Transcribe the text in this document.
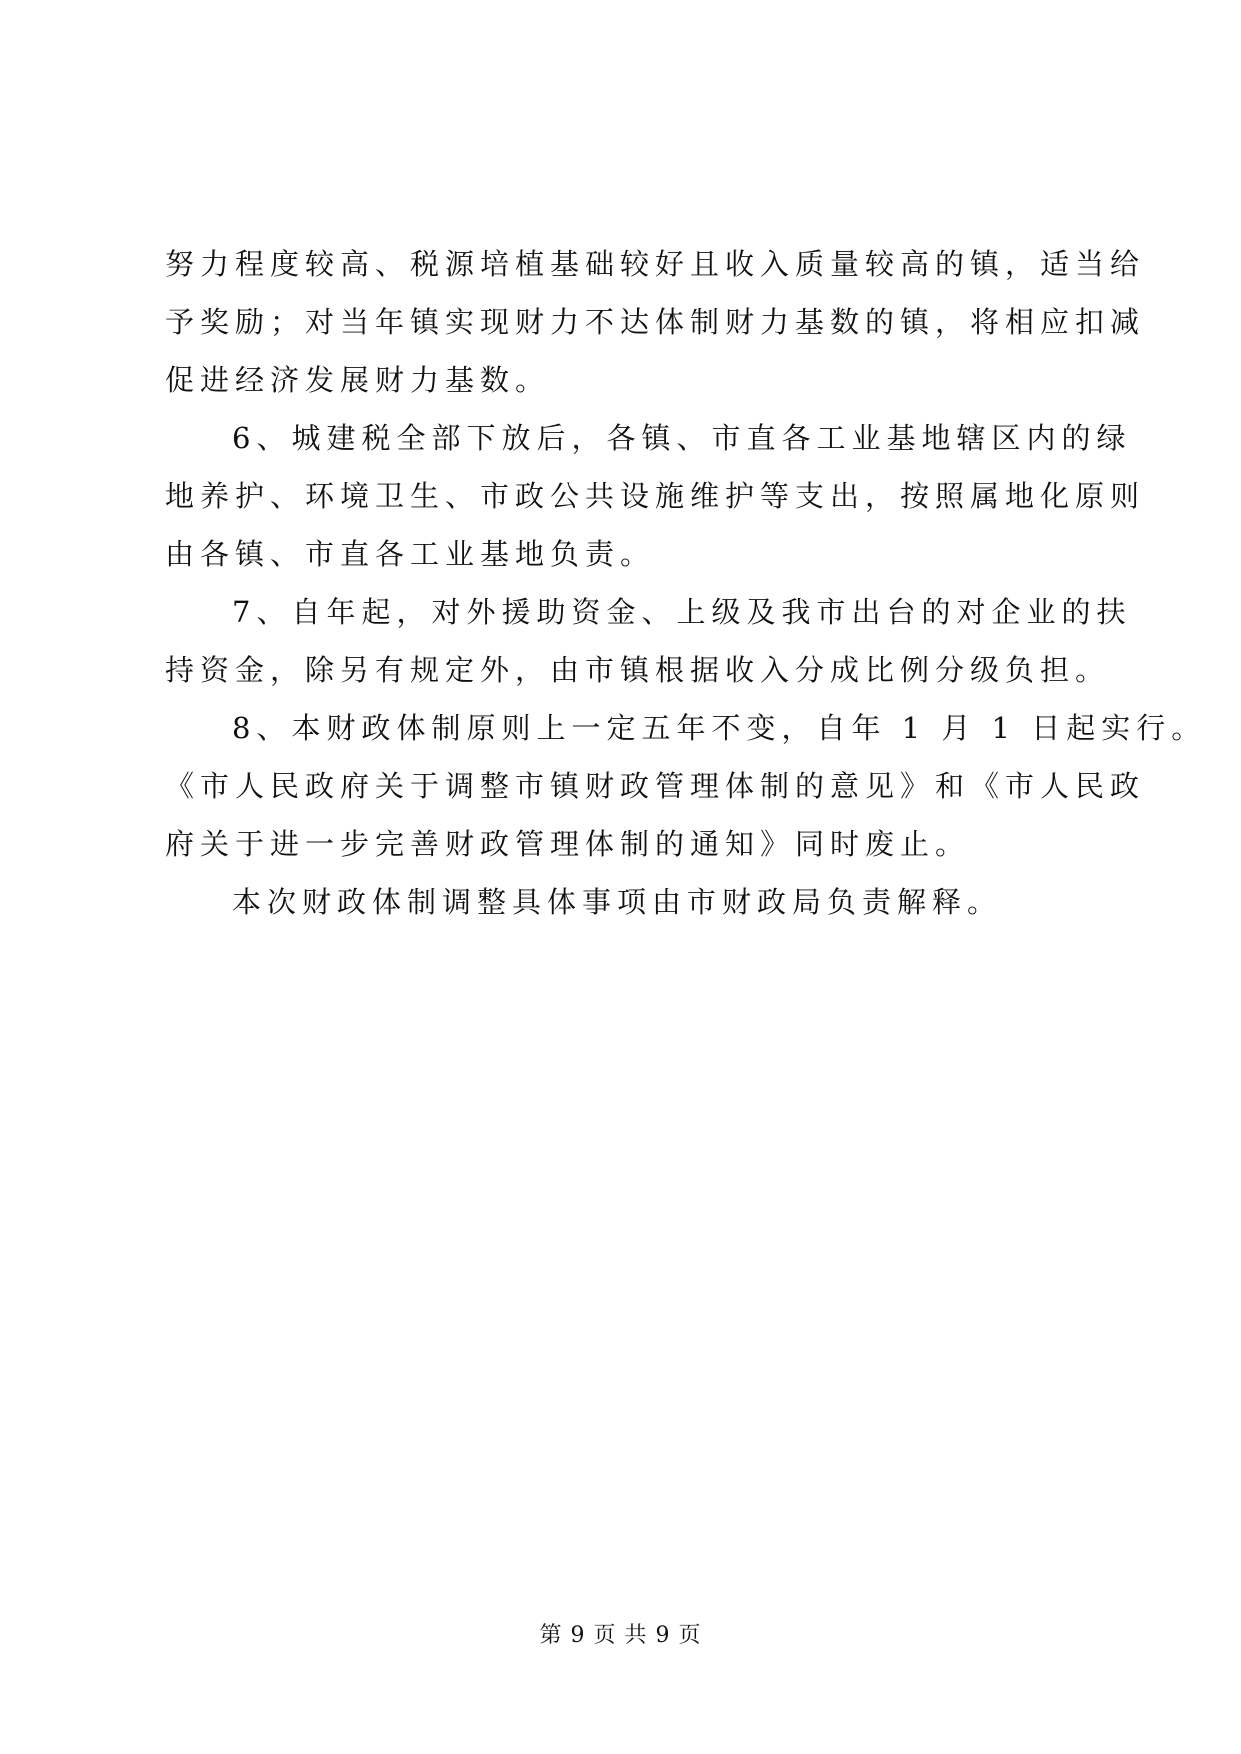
努力程度较高、税源培植基础较好且收入质量较高的镇，适当给
予奖励；对当年镇实现财力不达体制财力基数的镇，将相应扣减
促进经济发展财力基数。
6、城建税全部下放后，各镇、市直各工业基地辖区内的绿
地养护、环境卫生、市政公共设施维护等支出，按照属地化原则
由各镇、市直各工业基地负责。
7、自年起，对外援助资金、上级及我市出台的对企业的扶
持资金，除另有规定外，由市镇根据收入分成比例分级负担。
8、本财政体制原则上一定五年不变，自年 1 月 1 日起实行。
《市人民政府关于调整市镇财政管理体制的意见》和《市人民政
府关于进一步完善财政管理体制的通知》同时废止。
本次财政体制调整具体事项由市财政局负责解释。
第 9 页 共 9 页
